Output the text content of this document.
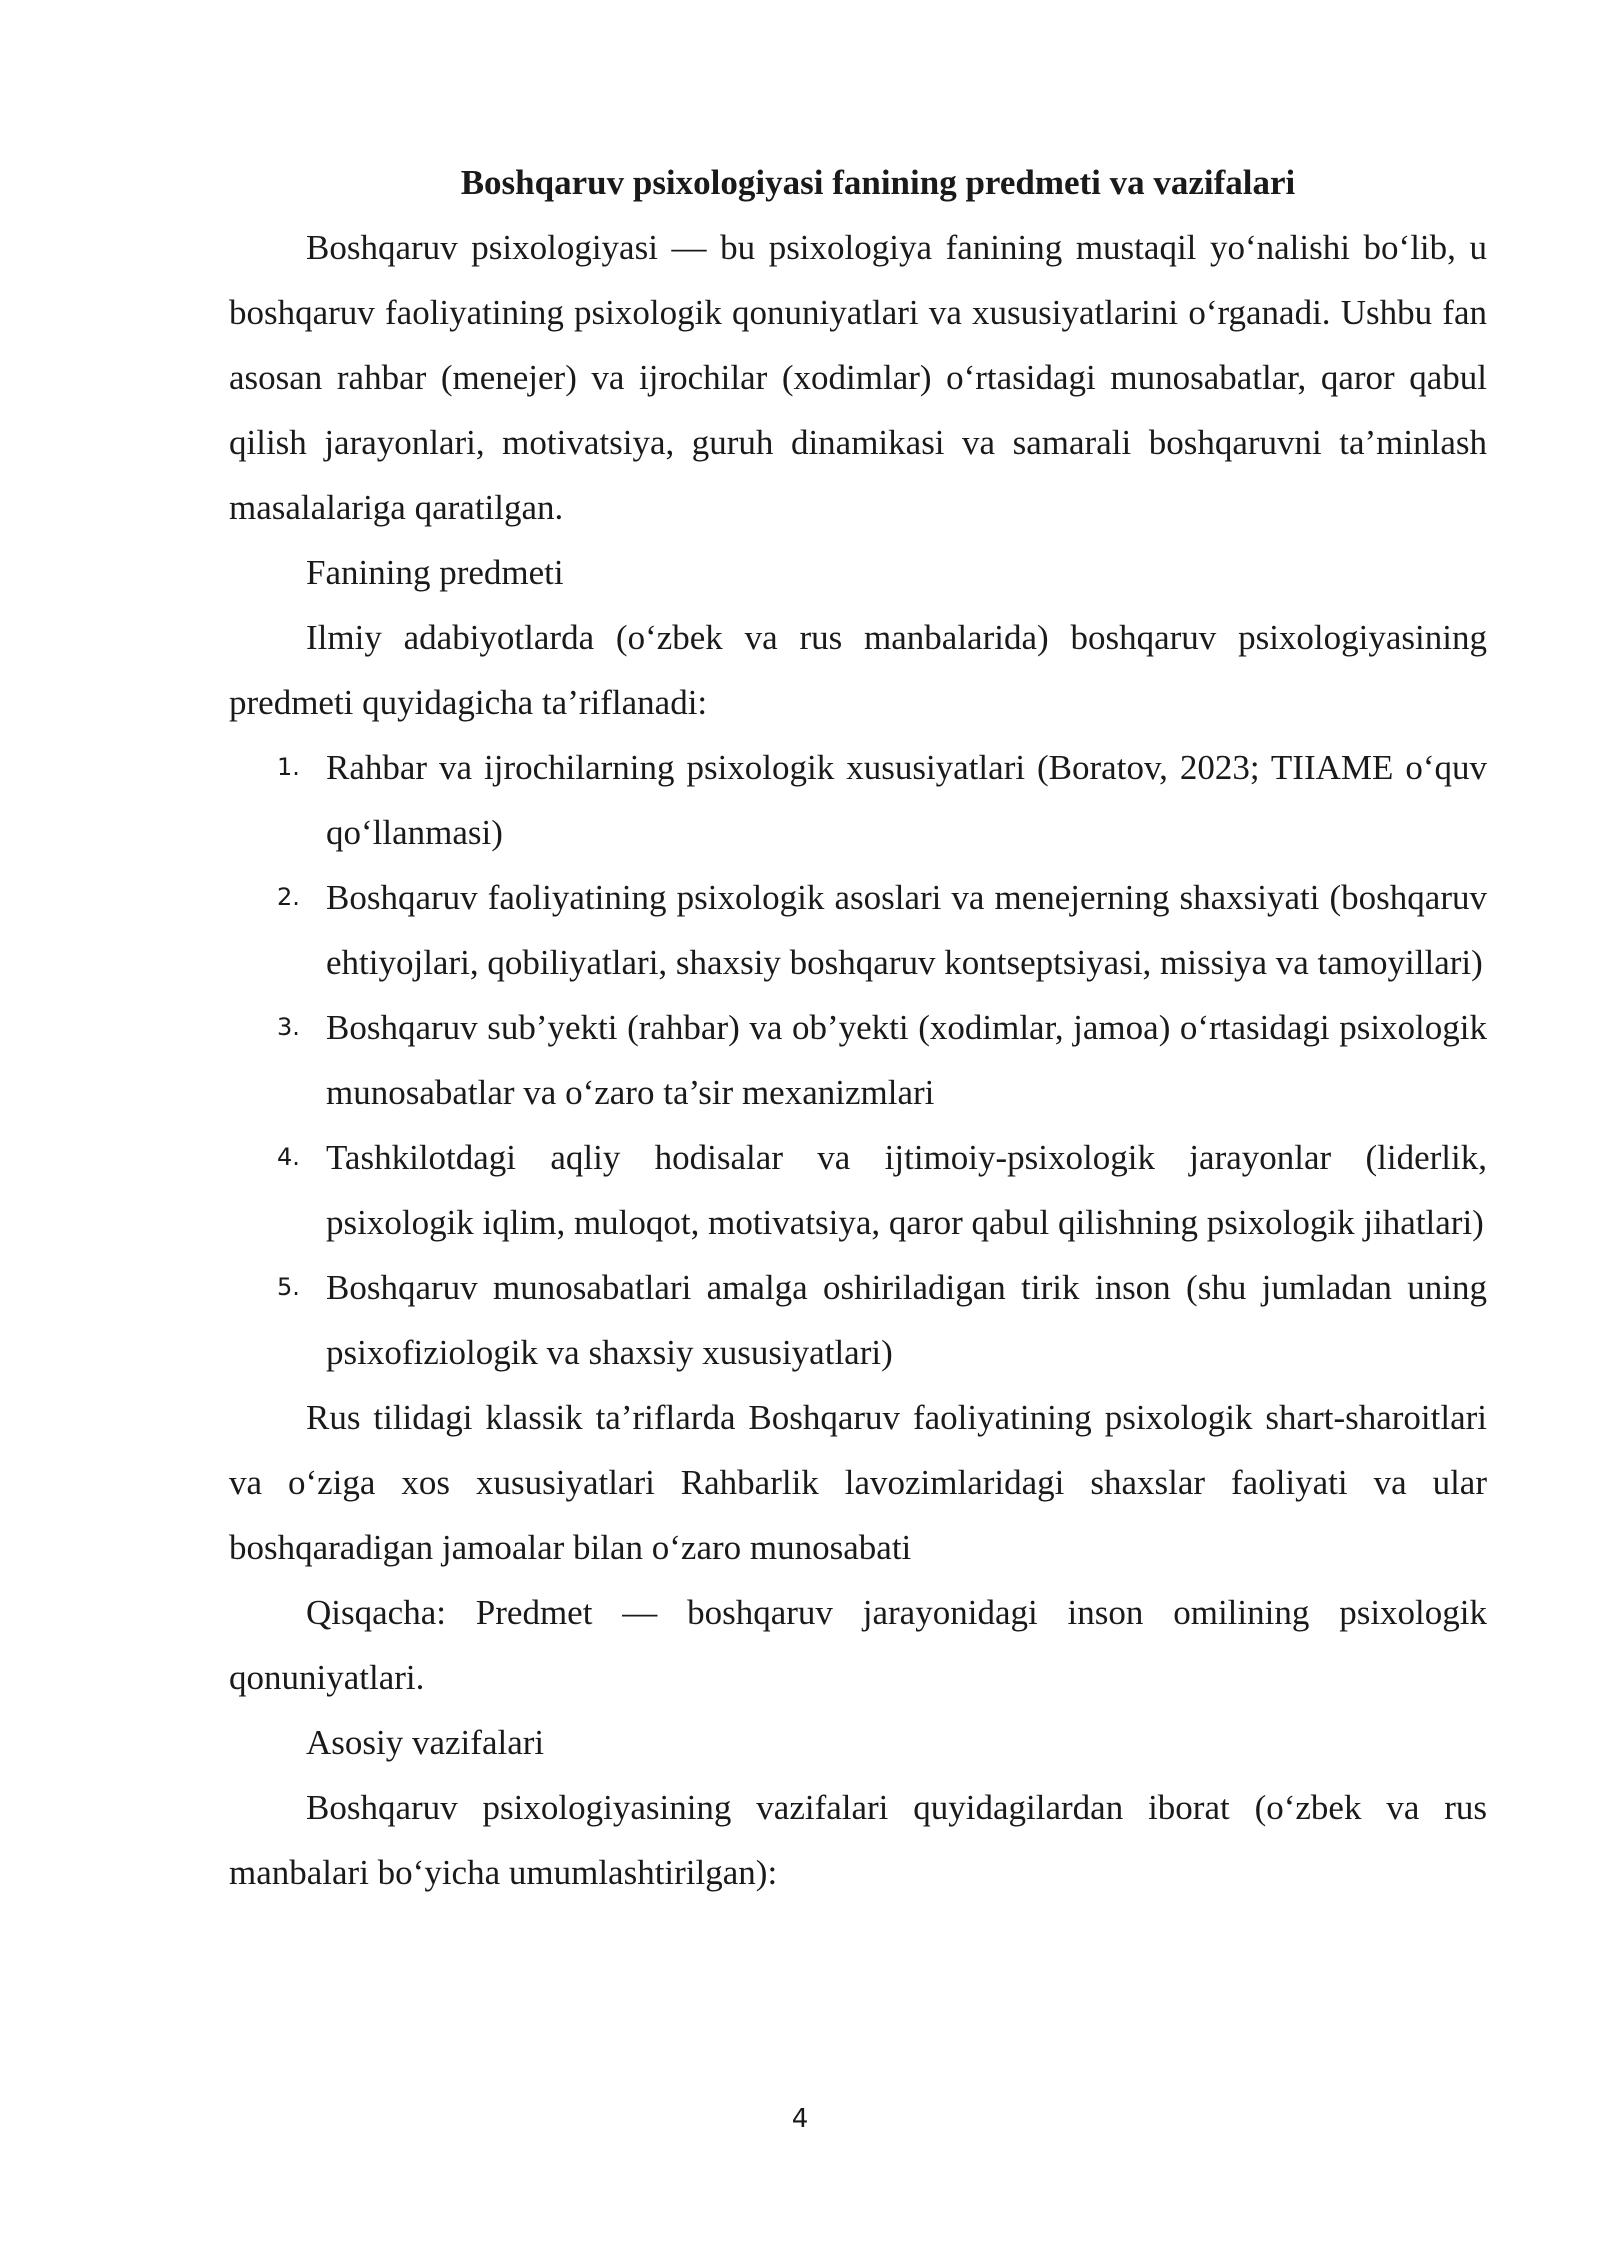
Boshqaruv psixologiyasi fanining predmeti va vazifalari

Boshqaruv psixologiyasi — bu psixologiya fanining mustaqil yo‘nalishi bo‘lib, u boshqaruv faoliyatining psixologik qonuniyatlari va xususiyatlarini o‘rganadi. Ushbu fan asosan rahbar (menejer) va ijrochilar (xodimlar) o‘rtasidagi munosabatlar, qaror qabul qilish jarayonlari, motivatsiya, guruh dinamikasi va samarali boshqaruvni ta’minlash masalalariga qaratilgan.

Fanining predmeti

Ilmiy adabiyotlarda (o‘zbek va rus manbalarida) boshqaruv psixologiyasining predmeti quyidagicha ta’riflanadi:

1. Rahbar va ijrochilarning psixologik xususiyatlari (Boratov, 2023; TIIAME o‘quv qo‘llanmasi)
2. Boshqaruv faoliyatining psixologik asoslari va menejerning shaxsiyati (boshqaruv ehtiyojlari, qobiliyatlari, shaxsiy boshqaruv kontseptsiyasi, missiya va tamoyillari)
3. Boshqaruv sub’yekti (rahbar) va ob’yekti (xodimlar, jamoa) o‘rtasidagi psixologik munosabatlar va o‘zaro ta’sir mexanizmlari
4. Tashkilotdagi aqliy hodisalar va ijtimoiy-psixologik jarayonlar (liderlik, psixologik iqlim, muloqot, motivatsiya, qaror qabul qilishning psixologik jihatlari)
5. Boshqaruv munosabatlari amalga oshiriladigan tirik inson (shu jumladan uning psixofiziologik va shaxsiy xususiyatlari)

Rus tilidagi klassik ta’riflarda Boshqaruv faoliyatining psixologik shart-sharoitlari va o‘ziga xos xususiyatlari Rahbarlik lavozimlaridagi shaxslar faoliyati va ular boshqaradigan jamoalar bilan o‘zaro munosabati

Qisqacha: Predmet — boshqaruv jarayonidagi inson omilining psixologik qonuniyatlari.

Asosiy vazifalari

Boshqaruv psixologiyasining vazifalari quyidagilardan iborat (o‘zbek va rus manbalari bo‘yicha umumlashtirilgan):

4
